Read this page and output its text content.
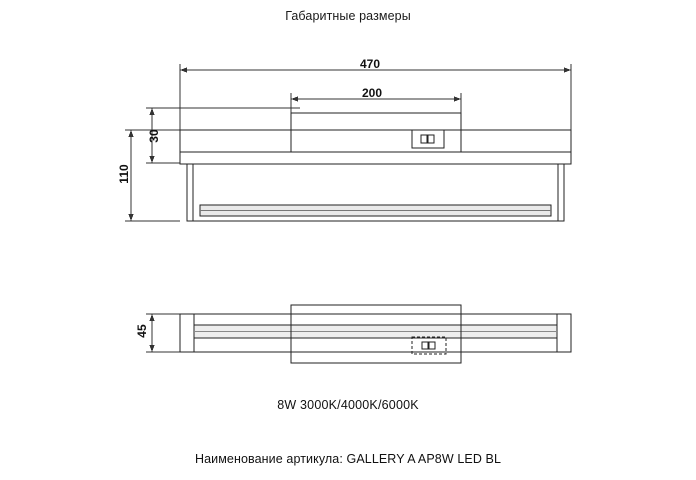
Габаритные размеры
470
200
30
110
45
8W 3000K/4000K/6000K
Наименование артикула: GALLERY A AP8W LED BL
